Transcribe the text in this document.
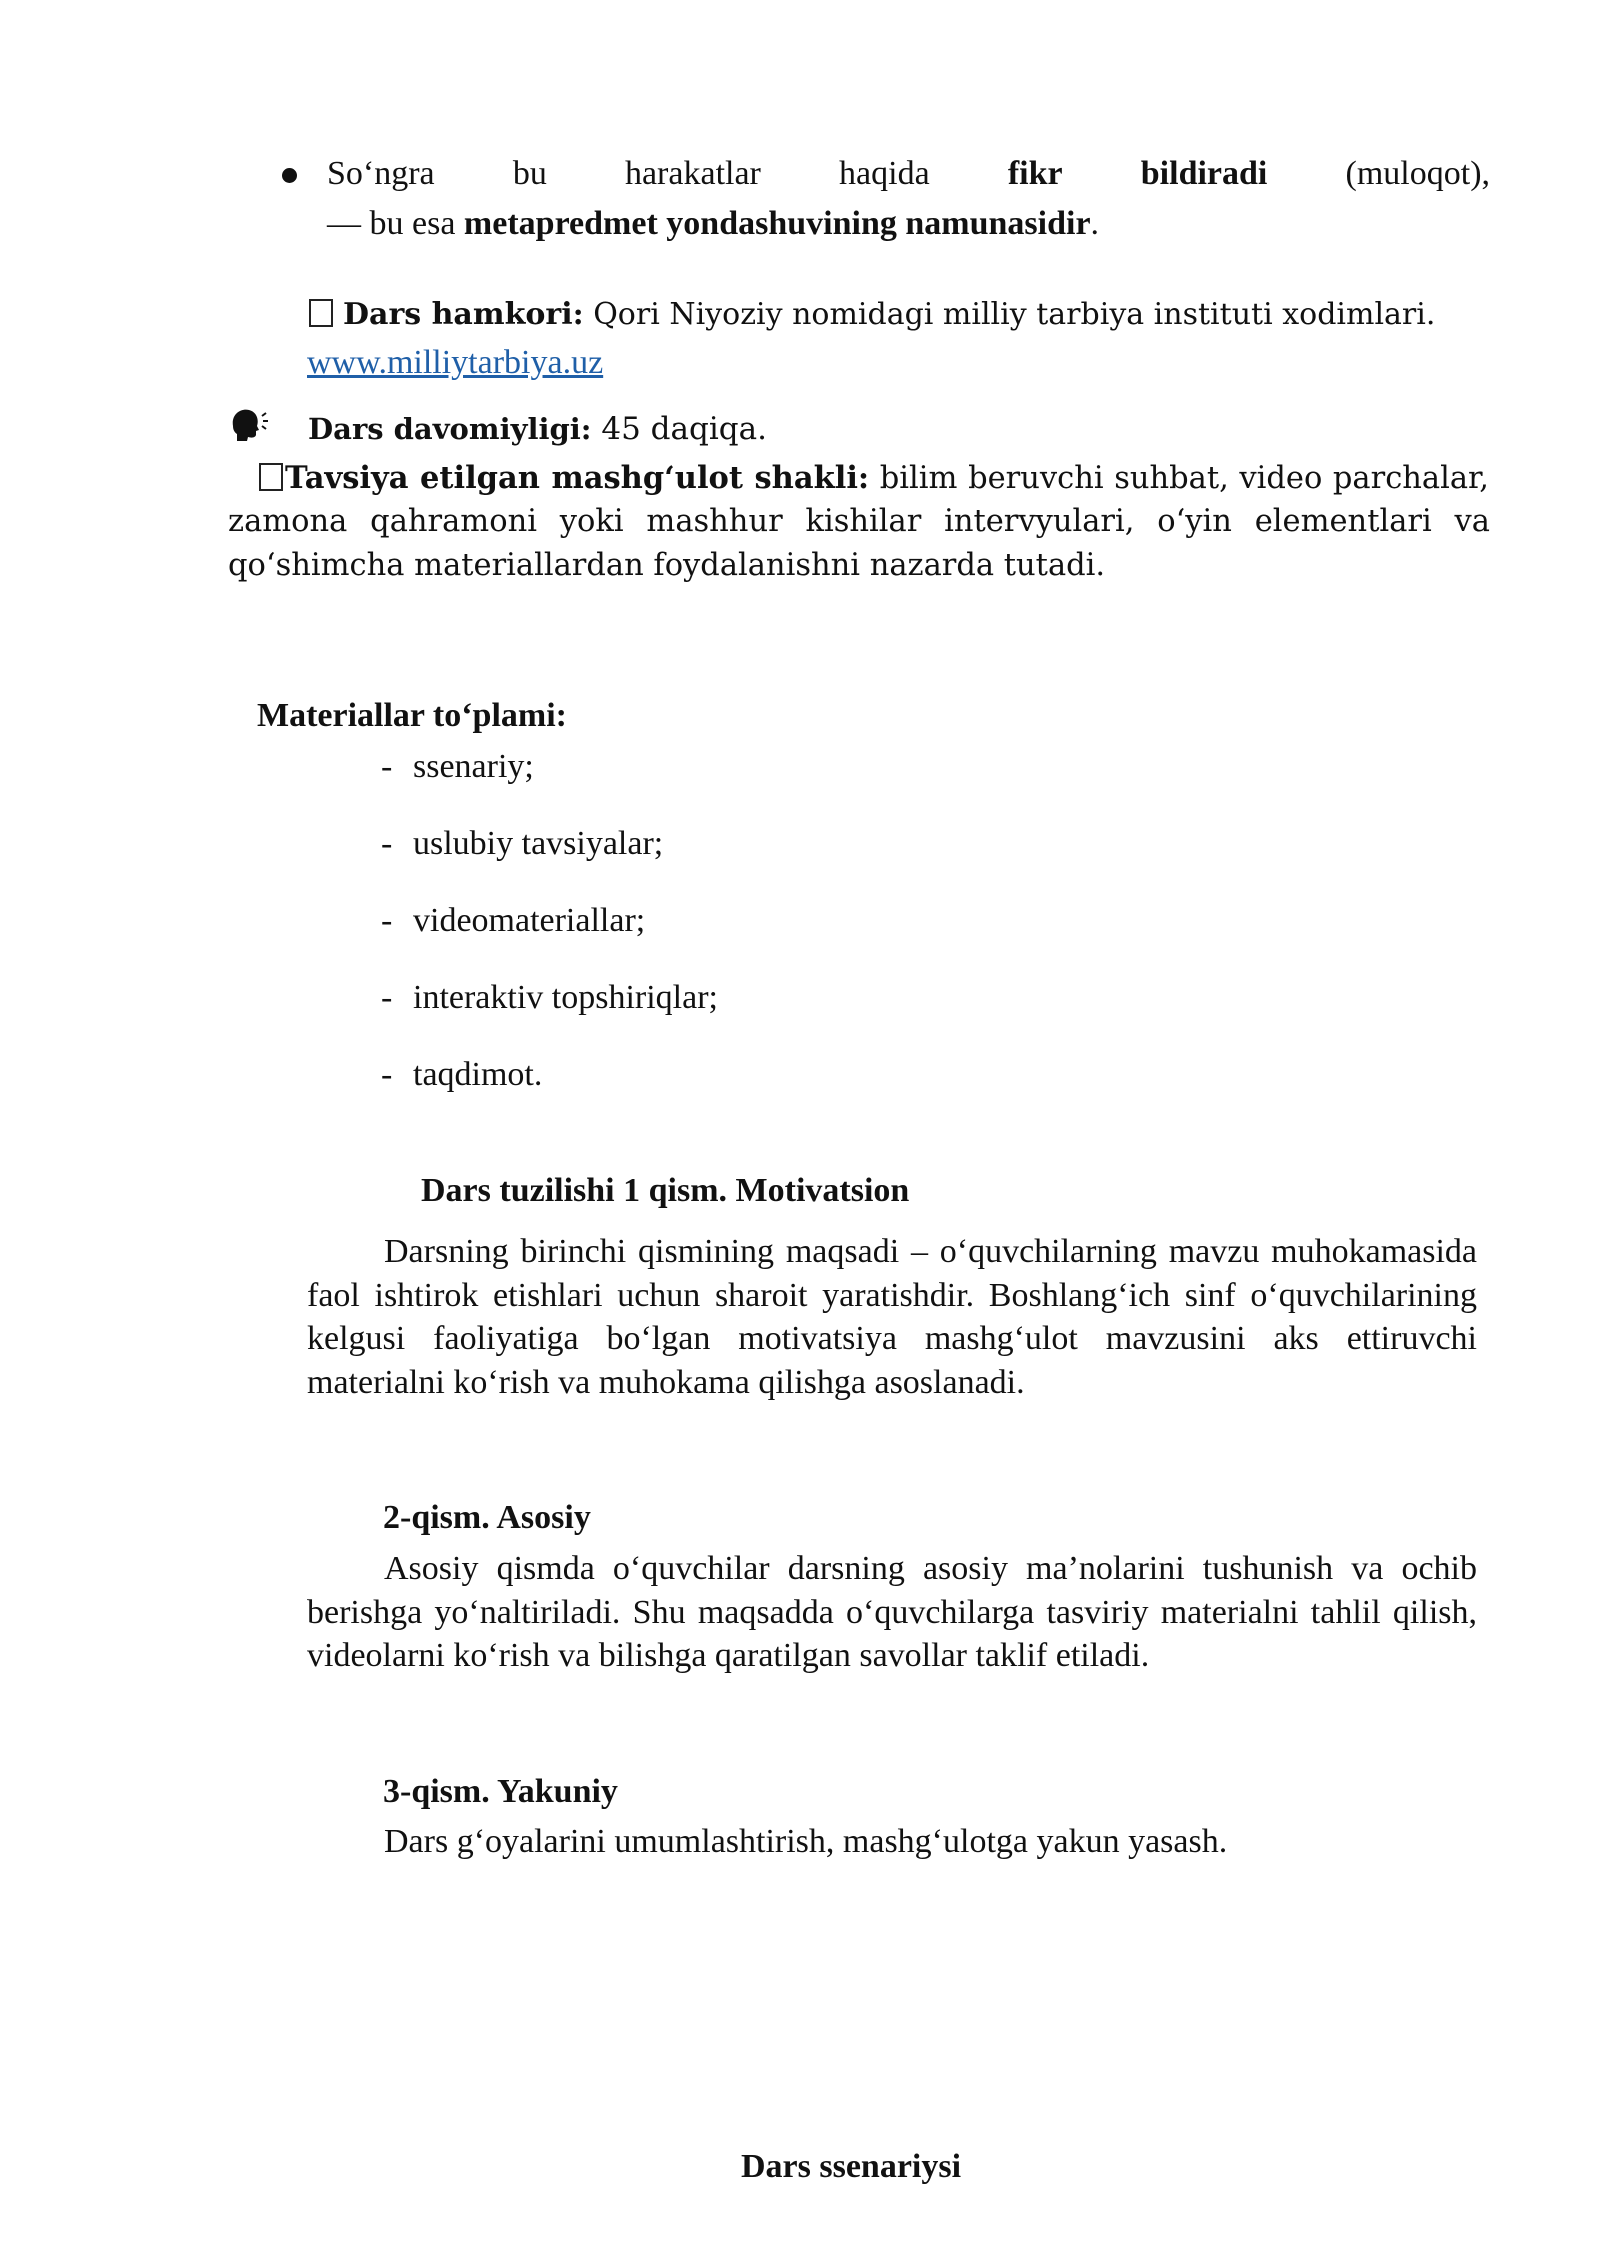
So‘ngra bu harakatlar haqida fikr bildiradi (muloqot),
— bu esa metapredmet yondashuvining namunasidir.
Dars hamkori: Qori Niyoziy nomidagi milliy tarbiya instituti xodimlari.
www.milliytarbiya.uz
Dars davomiyligi: 45 daqiqa.
Tavsiya etilgan mashg‘ulot shakli: bilim beruvchi suhbat, video parchalar,
zamona qahramoni yoki mashhur kishilar intervyulari, o‘yin elementlari va
qo‘shimcha materiallardan foydalanishni nazarda tutadi.
Materiallar to‘plami:
- ssenariy;
- uslubiy tavsiyalar;
- videomateriallar;
- interaktiv topshiriqlar;
- taqdimot.
Dars tuzilishi 1 qism. Motivatsion
Darsning birinchi qismining maqsadi – o‘quvchilarning mavzu muhokamasida faol ishtirok etishlari uchun sharoit yaratishdir. Boshlang‘ich sinf o‘quvchilarining kelgusi faoliyatiga bo‘lgan motivatsiya mashg‘ulot mavzusini aks ettiruvchi materialni ko‘rish va muhokama qilishga asoslanadi.
2-qism. Asosiy
Asosiy qismda o‘quvchilar darsning asosiy ma’nolarini tushunish va ochib berishga yo‘naltiriladi. Shu maqsadda o‘quvchilarga tasviriy materialni tahlil qilish, videolarni ko‘rish va bilishga qaratilgan savollar taklif etiladi.
3-qism. Yakuniy
Dars g‘oyalarini umumlashtirish, mashg‘ulotga yakun yasash.
Dars ssenariysi
